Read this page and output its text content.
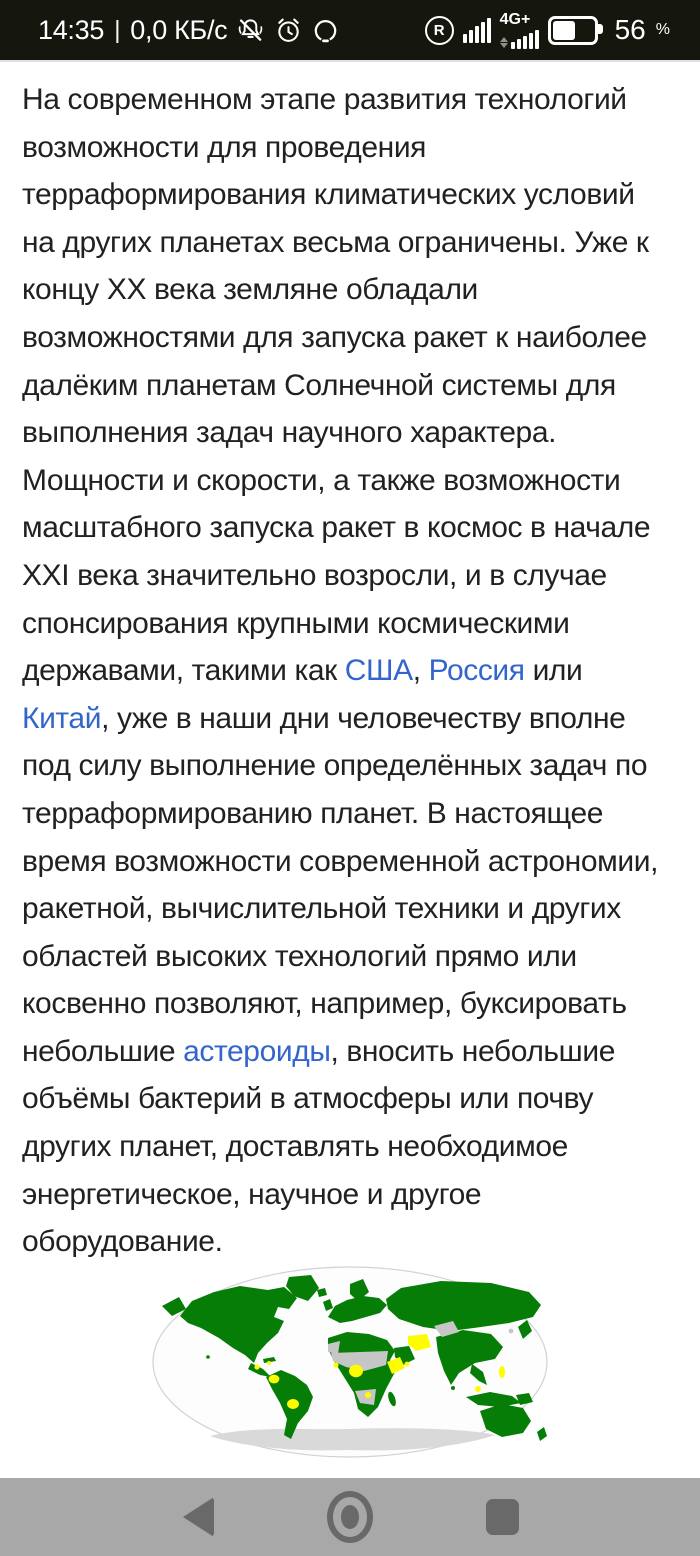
14:35 | 0,0 КБ/с	R
4G+	56 %
На современном этапе развития технологий
возможности для проведения
терраформирования климатических условий
на других планетах весьма ограничены. Уже к
концу XX века земляне обладали
возможностями для запуска ракет к наиболее
далёким планетам Солнечной системы для
выполнения задач научного характера.
Мощности и скорости, а также возможности
масштабного запуска ракет в космос в начале
XXI века значительно возросли, и в случае
спонсирования крупными космическими
державами, такими как США, Россия или
Китай, уже в наши дни человечеству вполне
под силу выполнение определённых задач по
терраформированию планет. В настоящее
время возможности современной астрономии,
ракетной, вычислительной техники и других
областей высоких технологий прямо или
косвенно позволяют, например, буксировать
небольшие астероиды, вносить небольшие
объёмы бактерий в атмосферы или почву
других планет, доставлять необходимое
энергетическое, научное и другое
оборудование.
